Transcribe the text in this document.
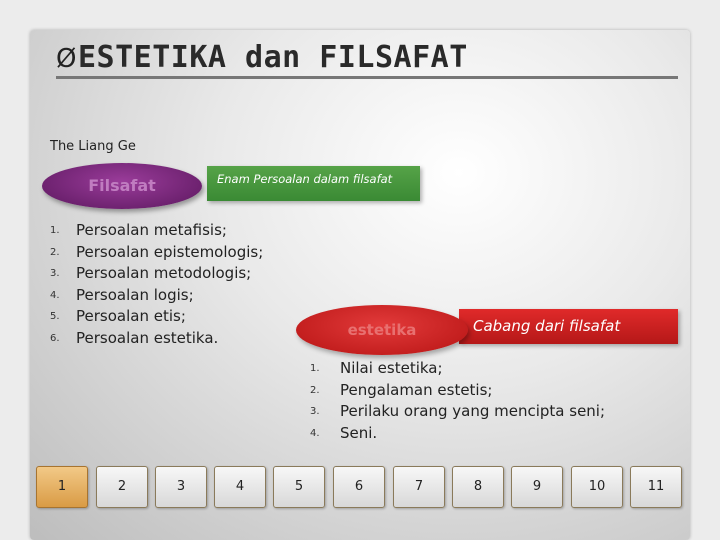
Ø ESTETIKA dan FILSAFAT
The Liang Ge
Enam Persoalan dalam filsafat
Filsafat
1. Persoalan metafisis;
2. Persoalan epistemologis;
3. Persoalan metodologis;
4. Persoalan logis;
5. Persoalan etis;
6. Persoalan estetika.
Cabang dari filsafat
estetika
1. Nilai estetika;
2. Pengalaman estetis;
3. Perilaku orang yang mencipta seni;
4. Seni.
1	2	3	4	5	6	7	8	9	10	11
